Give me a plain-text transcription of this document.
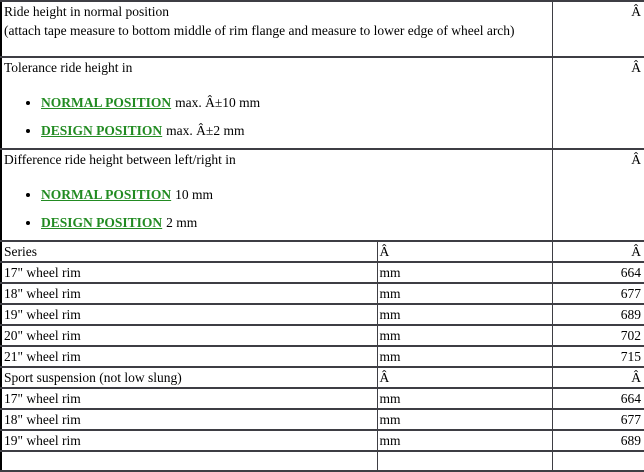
Ride height in normal position
(attach tape measure to bottom middle of rim flange and measure to lower edge of wheel arch)		Â

Tolerance ride height in
• NORMAL POSITION max. Â±10 mm
• DESIGN POSITION max. Â±2 mm
	Â

Difference ride height between left/right in
• NORMAL POSITION 10 mm
• DESIGN POSITION 2 mm
	Â
Series	Â	Â
17" wheel rim	mm	664
18" wheel rim	mm	677
19" wheel rim	mm	689
20" wheel rim	mm	702
21" wheel rim	mm	715
Sport suspension (not low slung)	Â	Â
17" wheel rim	mm	664
18" wheel rim	mm	677
19" wheel rim	mm	689
